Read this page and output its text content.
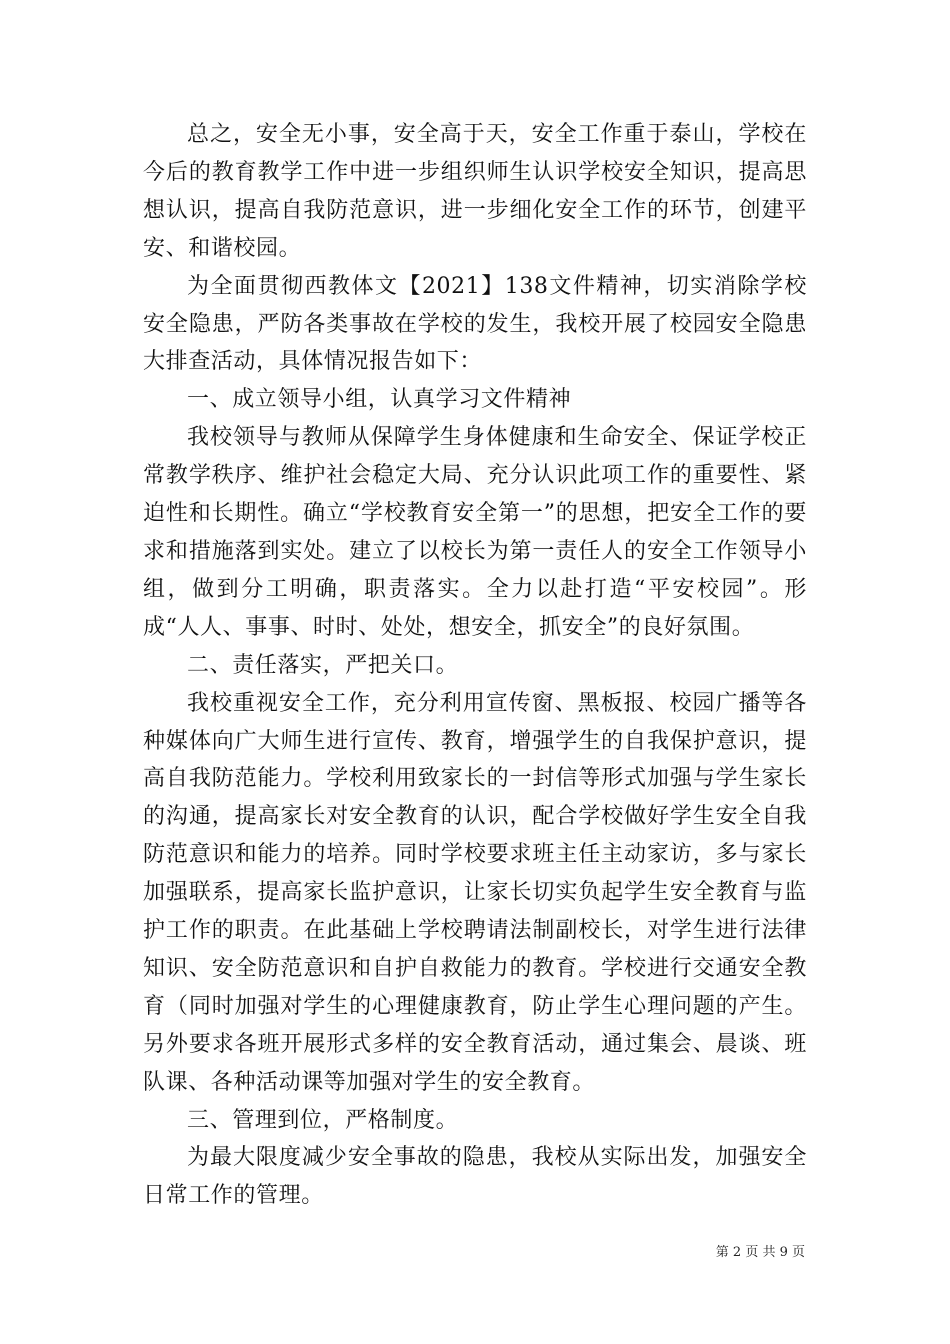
总之，安全无小事，安全高于天，安全工作重于泰山，学校在今后的教育教学工作中进一步组织师生认识学校安全知识，提高思想认识，提高自我防范意识，进一步细化安全工作的环节，创建平安、和谐校园。

为全面贯彻西教体文【2021】138文件精神，切实消除学校安全隐患，严防各类事故在学校的发生，我校开展了校园安全隐患大排查活动，具体情况报告如下：

一、成立领导小组，认真学习文件精神

我校领导与教师从保障学生身体健康和生命安全、保证学校正常教学秩序、维护社会稳定大局、充分认识此项工作的重要性、紧迫性和长期性。确立“学校教育安全第一”的思想，把安全工作的要求和措施落到实处。建立了以校长为第一责任人的安全工作领导小组，做到分工明确，职责落实。全力以赴打造“平安校园”。形成“人人、事事、时时、处处，想安全，抓安全”的良好氛围。

二、责任落实，严把关口。

我校重视安全工作，充分利用宣传窗、黑板报、校园广播等各种媒体向广大师生进行宣传、教育，增强学生的自我保护意识，提高自我防范能力。学校利用致家长的一封信等形式加强与学生家长的沟通，提高家长对安全教育的认识，配合学校做好学生安全自我防范意识和能力的培养。同时学校要求班主任主动家访，多与家长加强联系，提高家长监护意识，让家长切实负起学生安全教育与监护工作的职责。在此基础上学校聘请法制副校长，对学生进行法律知识、安全防范意识和自护自救能力的教育。学校进行交通安全教育（同时加强对学生的心理健康教育，防止学生心理问题的产生。另外要求各班开展形式多样的安全教育活动，通过集会、晨谈、班队课、各种活动课等加强对学生的安全教育。

三、管理到位，严格制度。

为最大限度减少安全事故的隐患，我校从实际出发，加强安全日常工作的管理。

第 2 页 共 9 页
